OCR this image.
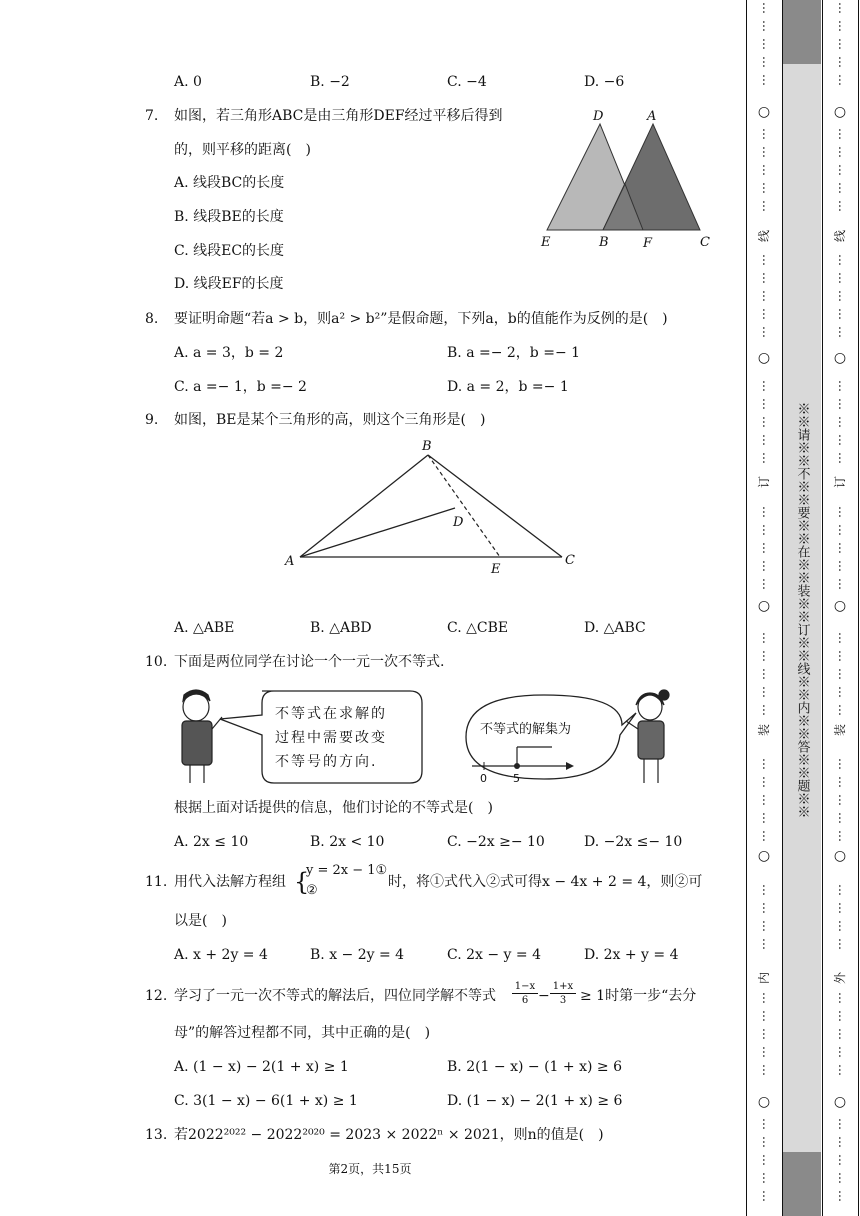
A. 0	B. −2	C. −4	D. −6
7.	如图，若三角形ABC是由三角形DEF经过平移后得到
的，则平移的距离(　)
A. 线段BC的长度
B. 线段BE的长度
C. 线段EC的长度
D. 线段EF的长度
D	A
E	B	F	C
8.	要证明命题“若a > b，则a² > b²”是假命题，下列a，b的值能作为反例的是(　)
A. a = 3，b = 2	B. a =− 2，b =− 1
C. a =− 1，b =− 2	D. a = 2，b =− 1
9.	如图，BE是某个三角形的高，则这个三角形是(　)
B
D
A
E
C
A. △ABE	B. △ABD	C. △CBE	D. △ABC
10. 下面是两位同学在讨论一个一元一次不等式.
0 5
不等式在求解的
过程中需要改变
不等号的方向.
不等式的解集为
根据上面对话提供的信息，他们讨论的不等式是(　)
A. 2x ≤ 10	B. 2x < 10	C. −2x ≥− 10	D. −2x ≤− 10
11. 用代入法解方程组 {
y = 2x − 1①
②
时，将①式代入②式可得x − 4x + 2 = 4，则②可
以是(　)
A. x + 2y = 4	B. x − 2y = 4	C. 2x − y = 4	D. 2x + y = 4
12. 学习了一元一次不等式的解法后，四位同学解不等式 $\frac{1-x}{6} - \frac{1+x}{3} \ge 1$时第一步“去分
母”的解答过程都不同，其中正确的是(　)
A. (1 − x) − 2(1 + x) ≥ 1	B. 2(1 − x) − (1 + x) ≥ 6
C. 3(1 − x) − 6(1 + x) ≥ 1	D. (1 − x) − 2(1 + x) ≥ 6
13. 若2022²⁰²² − 2022²⁰²⁰ = 2023 × 2022ⁿ × 2021，则n的值是(　)
第2页，共15页
※※请※※不※※要※※在※※装※※订※※线※※内※※答※※题※※
○
○
○
○
○
线
订
装
内
⋯
⋯
⋯
⋯
⋯
⋯
⋯
⋯
⋯
⋯
⋯
⋯
⋯
⋯
⋯
⋯
⋯
⋯
⋯
⋯
⋯
⋯
⋯
⋯
⋯
⋯
⋯
⋯
⋯
⋯
⋯
⋯
⋯
⋯
⋯
⋯
⋯
⋯
⋯
⋯
⋯
⋯
⋯
⋯
⋯
⋯
⋯
⋯
⋯
○
○
○
○
○
线
订
装
外
⋯
⋯
⋯
⋯
⋯
⋯
⋯
⋯
⋯
⋯
⋯
⋯
⋯
⋯
⋯
⋯
⋯
⋯
⋯
⋯
⋯
⋯
⋯
⋯
⋯
⋯
⋯
⋯
⋯
⋯
⋯
⋯
⋯
⋯
⋯
⋯
⋯
⋯
⋯
⋯
⋯
⋯
⋯
⋯
⋯
⋯
⋯
⋯
⋯
